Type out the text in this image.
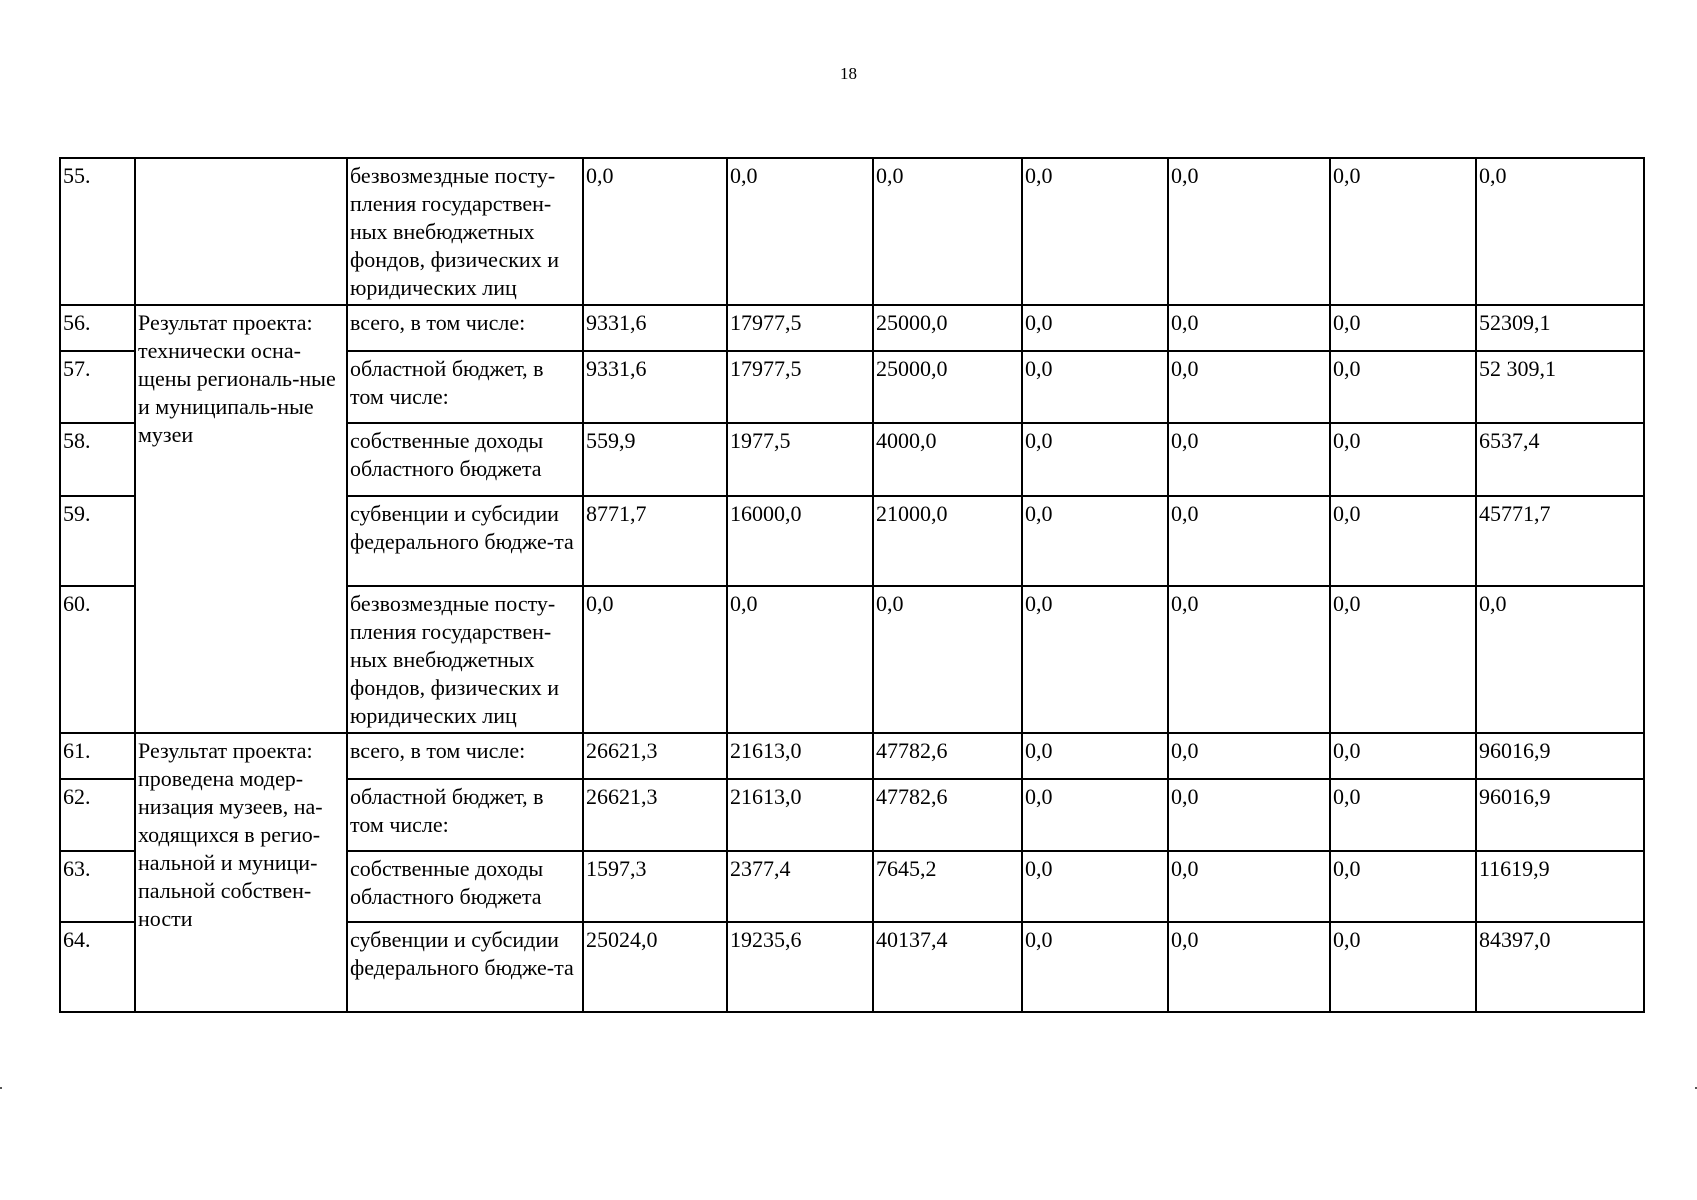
18
55.		безвозмездные посту-пления государствен-ных внебюджетных фондов, физических и юридических лиц	0,0	0,0	0,0	0,0	0,0	0,0	0,0
56.	Результат проекта: технически осна-щены региональ-ные и муниципаль-ные музеи	всего, в том числе:	9331,6	17977,5	25000,0	0,0	0,0	0,0	52309,1
57.		областной бюджет, в том числе:	9331,6	17977,5	25000,0	0,0	0,0	0,0	52 309,1
58.		собственные доходы областного бюджета	559,9	1977,5	4000,0	0,0	0,0	0,0	6537,4
59.		субвенции и субсидии федерального бюдже-та	8771,7	16000,0	21000,0	0,0	0,0	0,0	45771,7
60.		безвозмездные посту-пления государствен-ных внебюджетных фондов, физических и юридических лиц	0,0	0,0	0,0	0,0	0,0	0,0	0,0
61.	Результат проекта: проведена модер-низация музеев, на-ходящихся в регио-нальной и муници-пальной собствен-ности	всего, в том числе:	26621,3	21613,0	47782,6	0,0	0,0	0,0	96016,9
62.		областной бюджет, в том числе:	26621,3	21613,0	47782,6	0,0	0,0	0,0	96016,9
63.		собственные доходы областного бюджета	1597,3	2377,4	7645,2	0,0	0,0	0,0	11619,9
64.		субвенции и субсидии федерального бюдже-та	25024,0	19235,6	40137,4	0,0	0,0	0,0	84397,0
